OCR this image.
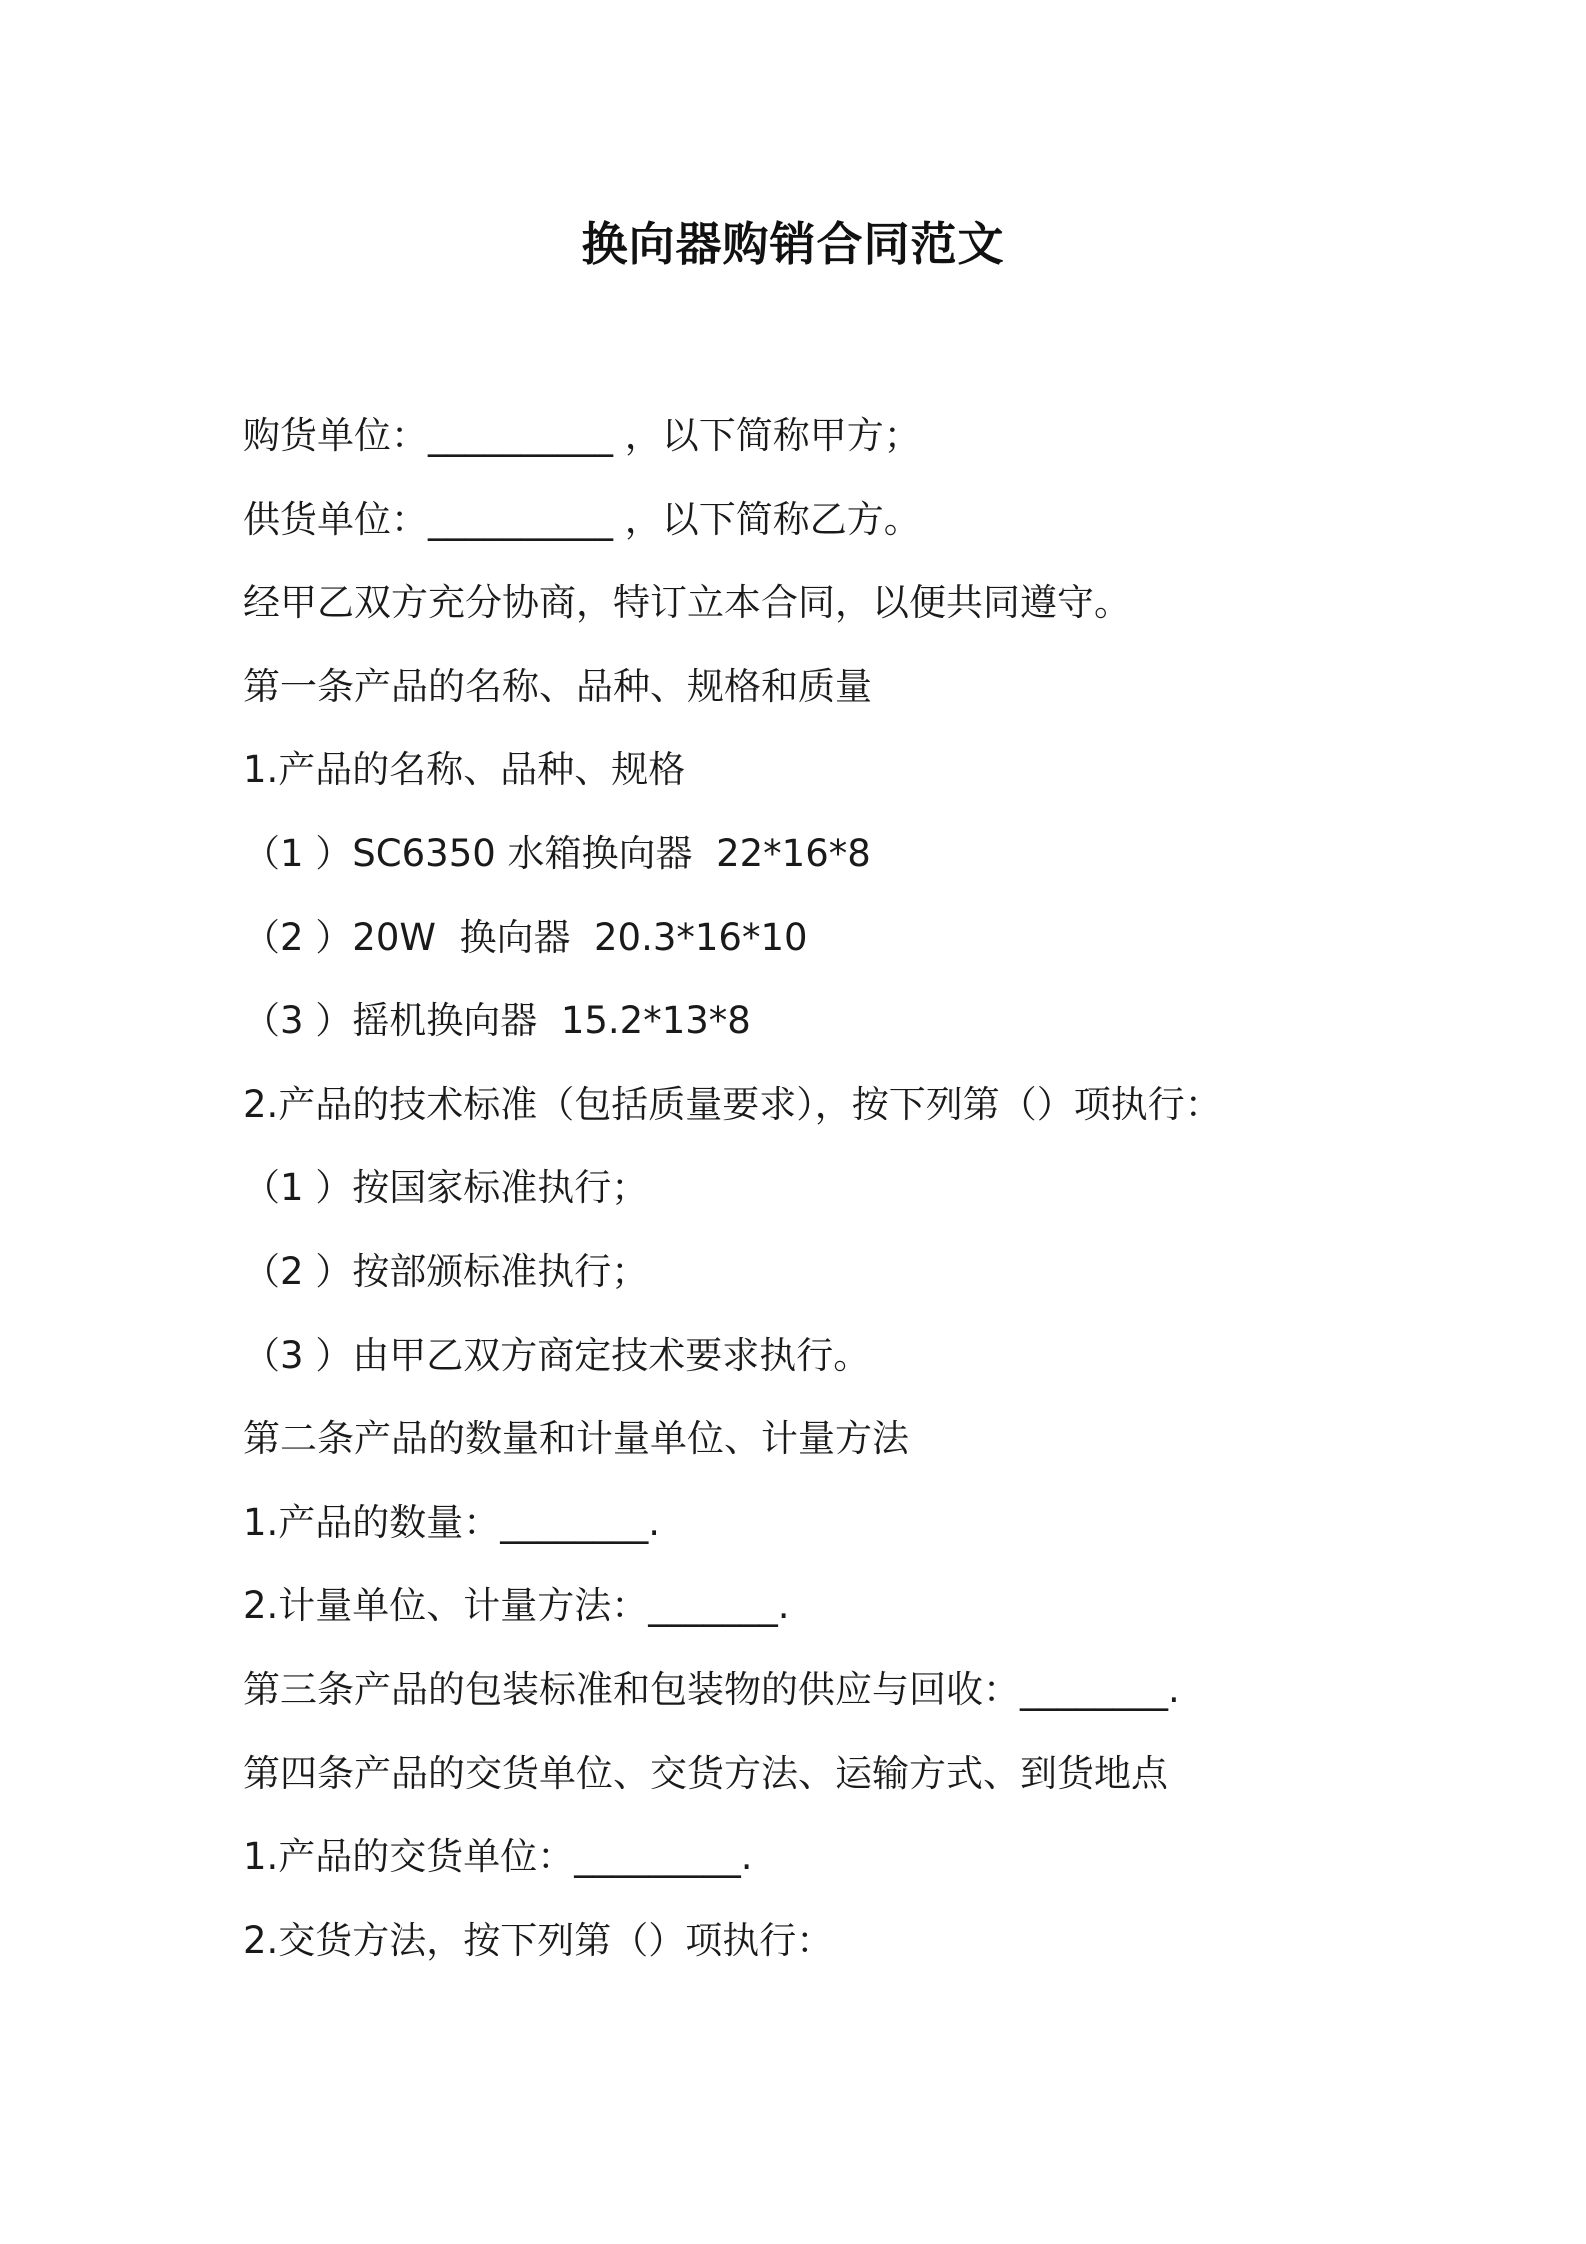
换向器购销合同范文
购货单位：__________ ，以下简称甲方；
供货单位：__________ ，以下简称乙方。
经甲乙双方充分协商，特订立本合同，以便共同遵守。
第一条产品的名称、品种、规格和质量
1.产品的名称、品种、规格
（1 ）SC6350 水箱换向器  22*16*8
（2 ）20W  换向器  20.3*16*10
（3 ）摇机换向器  15.2*13*8
2.产品的技术标准（包括质量要求），按下列第（）项执行：
（1 ）按国家标准执行；
（2 ）按部颁标准执行；
（3 ）由甲乙双方商定技术要求执行。
第二条产品的数量和计量单位、计量方法
1.产品的数量：________.
2.计量单位、计量方法：_______.
第三条产品的包装标准和包装物的供应与回收：________.
第四条产品的交货单位、交货方法、运输方式、到货地点
1.产品的交货单位：_________.
2.交货方法，按下列第（）项执行：
